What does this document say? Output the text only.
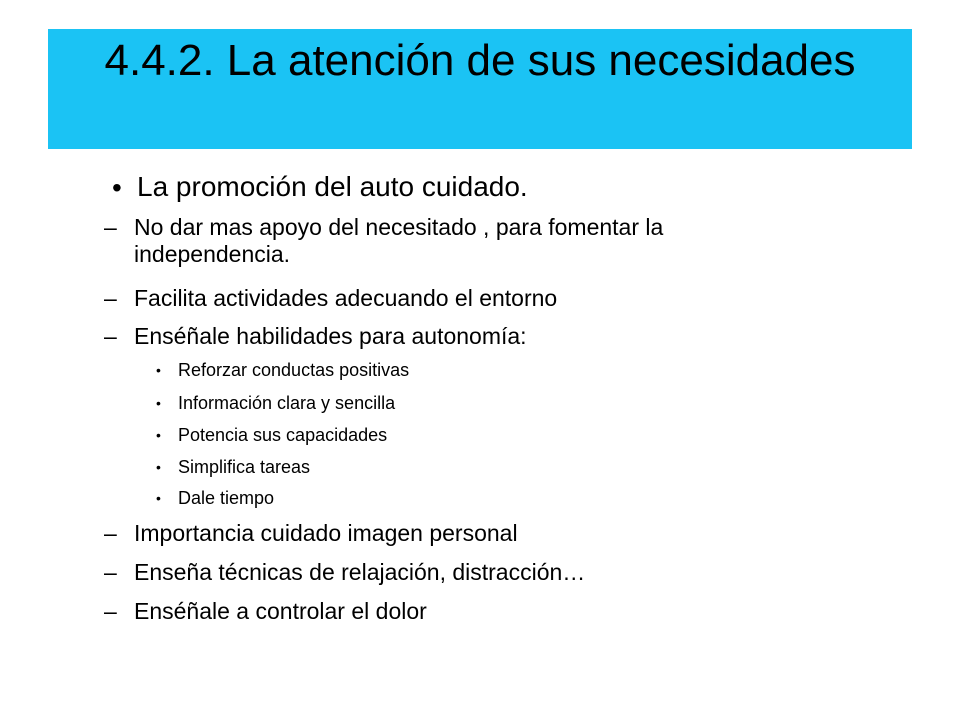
4.4.2. La atención de sus necesidades
• La promoción del auto cuidado.
– No dar mas apoyo del necesitado , para fomentar la independencia.
– Facilita actividades adecuando el entorno
– Enséñale habilidades para autonomía:
• Reforzar conductas positivas
• Información clara y sencilla
• Potencia sus capacidades
• Simplifica tareas
• Dale tiempo
– Importancia cuidado imagen personal
– Enseña técnicas de relajación, distracción…
– Enséñale a controlar el dolor
